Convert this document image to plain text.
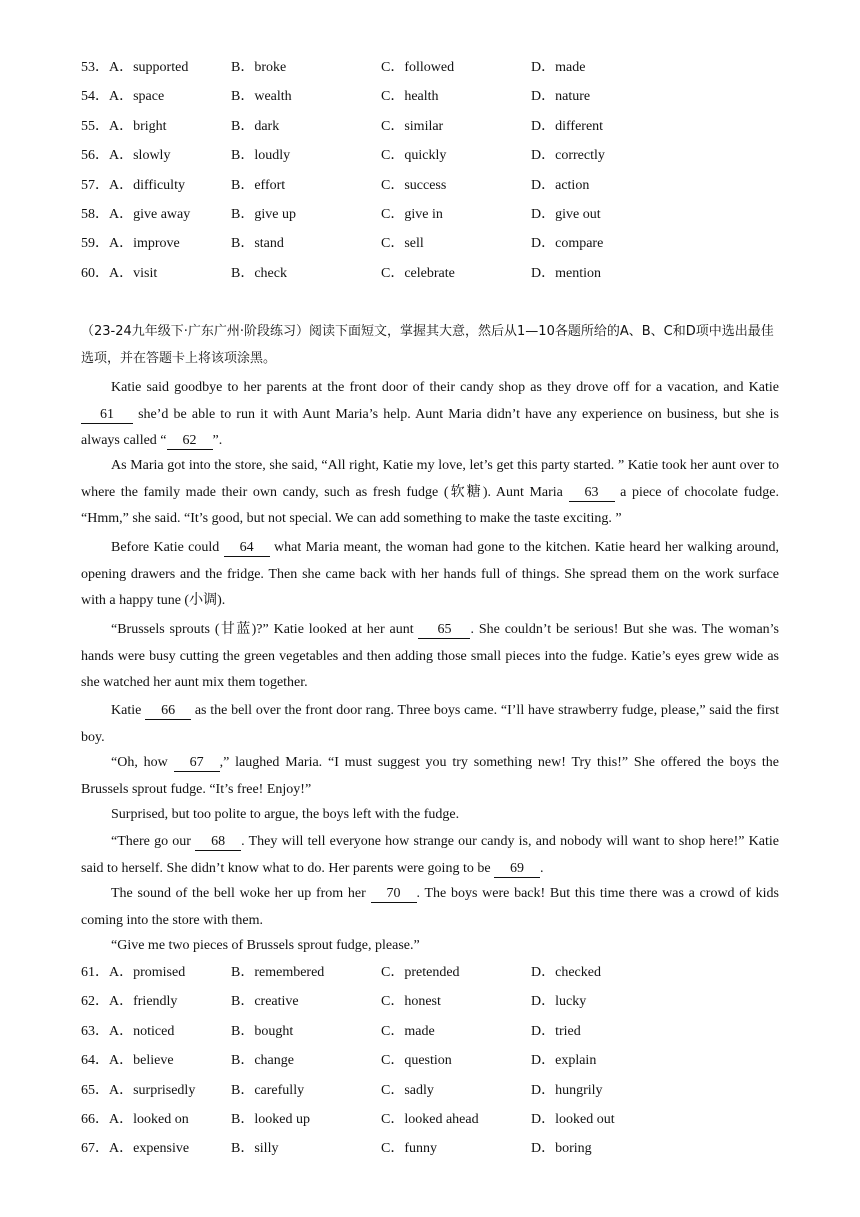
53．A．supported	B．broke	C．followed	D．made
54．A．space	B．wealth	C．health	D．nature
55．A．bright	B．dark	C．similar	D．different
56．A．slowly	B．loudly	C．quickly	D．correctly
57．A．difficulty	B．effort	C．success	D．action
58．A．give away	B．give up	C．give in	D．give out
59．A．improve	B．stand	C．sell	D．compare
60．A．visit	B．check	C．celebrate	D．mention
（23-24九年级下·广东广州·阶段练习）阅读下面短文，掌握其大意，然后从1—10各题所给的A、B、C和D项中选出最佳选项，并在答题卡上将该项涂黑。
Katie said goodbye to her parents at the front door of their candy shop as they drove off for a vacation, and Katie 61 she’d be able to run it with Aunt Maria’s help. Aunt Maria didn’t have any experience on business, but she is always called “ 62 ”.
As Maria got into the store, she said, “All right, Katie my love, let’s get this party started. ” Katie took her aunt over to where the family made their own candy, such as fresh fudge (软糖). Aunt Maria 63 a piece of chocolate fudge. “Hmm,” she said. “It’s good, but not special. We can add something to make the taste exciting. ”
Before Katie could 64 what Maria meant, the woman had gone to the kitchen. Katie heard her walking around, opening drawers and the fridge. Then she came back with her hands full of things. She spread them on the work surface with a happy tune (小调).
“Brussels sprouts (甘蓝)?” Katie looked at her aunt 65 . She couldn’t be serious! But she was. The woman’s hands were busy cutting the green vegetables and then adding those small pieces into the fudge. Katie’s eyes grew wide as she watched her aunt mix them together.
Katie 66 as the bell over the front door rang. Three boys came. “I’ll have strawberry fudge, please,” said the first boy.
“Oh, how 67 ,” laughed Maria. “I must suggest you try something new! Try this!” She offered the boys the Brussels sprout fudge. “It’s free! Enjoy!”
Surprised, but too polite to argue, the boys left with the fudge.
“There go our 68 . They will tell everyone how strange our candy is, and nobody will want to shop here!” Katie said to herself. She didn’t know what to do. Her parents were going to be 69 .
The sound of the bell woke her up from her 70 . The boys were back! But this time there was a crowd of kids coming into the store with them.
“Give me two pieces of Brussels sprout fudge, please.”
61．A．promised	B．remembered	C．pretended	D．checked
62．A．friendly	B．creative	C．honest	D．lucky
63．A．noticed	B．bought	C．made	D．tried
64．A．believe	B．change	C．question	D．explain
65．A．surprisedly	B．carefully	C．sadly	D．hungrily
66．A．looked on	B．looked up	C．looked ahead	D．looked out
67．A．expensive	B．silly	C．funny	D．boring
